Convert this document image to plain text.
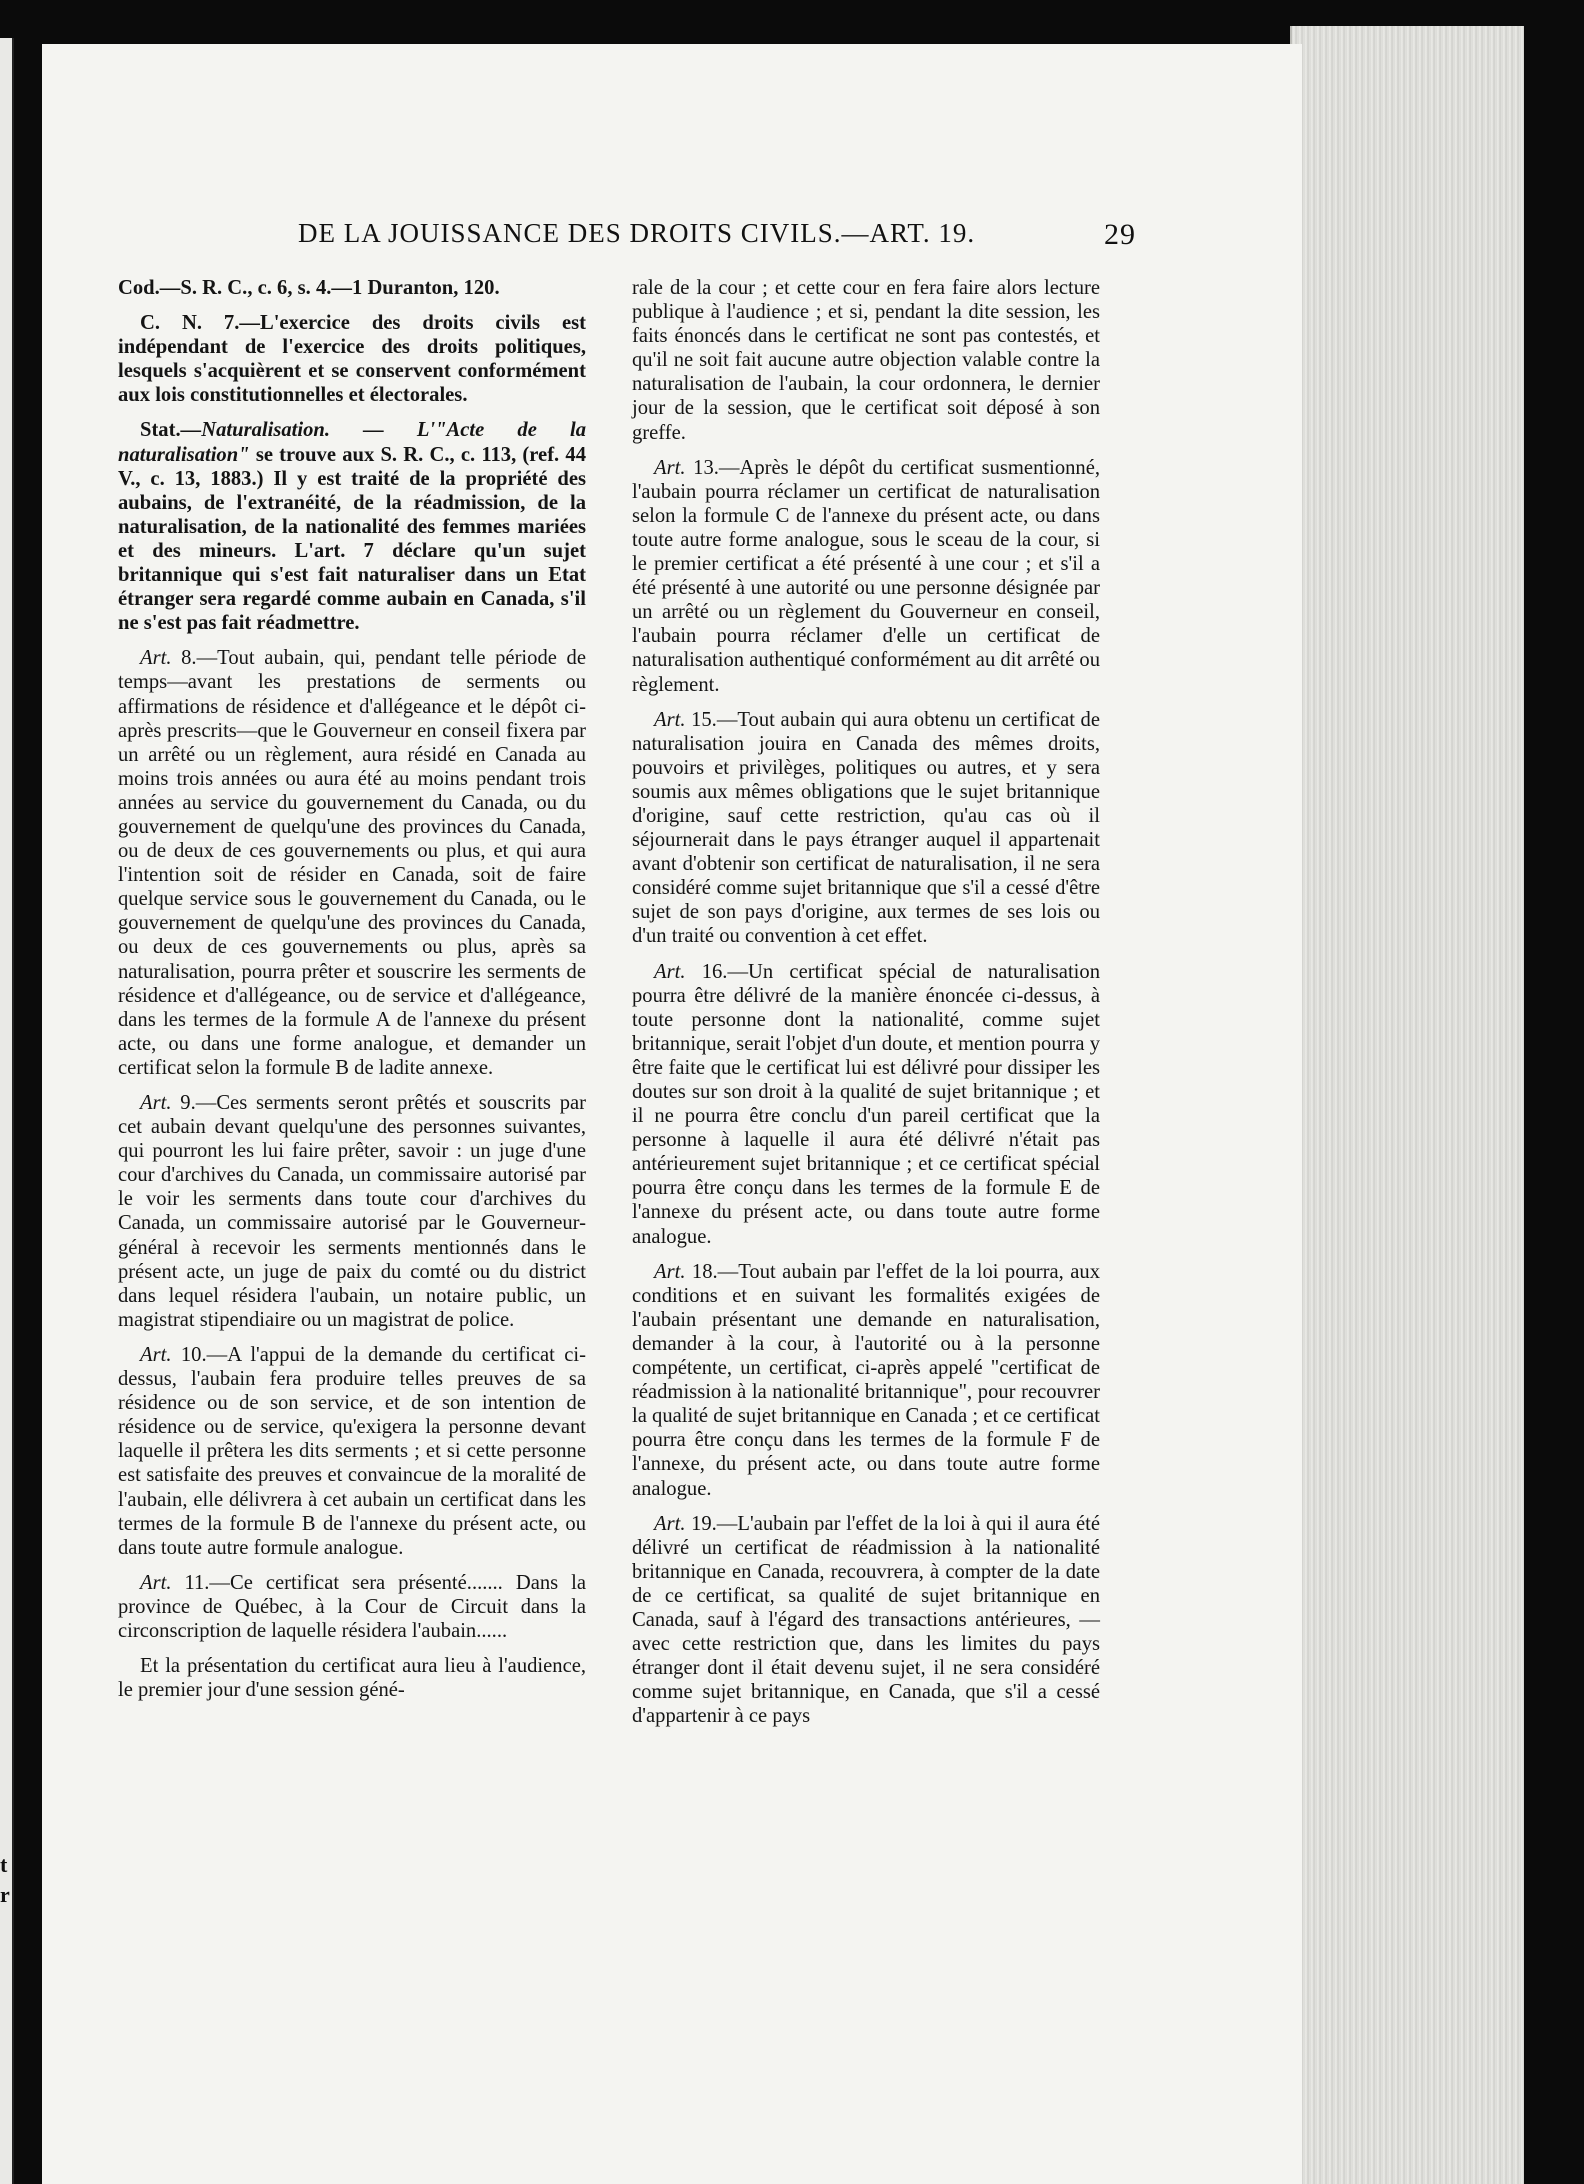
t
r
DE LA JOUISSANCE DES DROITS CIVILS.—ART. 19.	29

Cod.—S. R. C., c. 6, s. 4.—1 Duranton, 120.

C. N. 7.—L'exercice des droits civils est indépendant de l'exercice des droits politiques, lesquels s'acquièrent et se conservent conformément aux lois constitutionnelles et électorales.

Stat.—Naturalisation. — L'"Acte de la naturalisation" se trouve aux S. R. C., c. 113, (ref. 44 V., c. 13, 1883.) Il y est traité de la propriété des aubains, de l'extranéité, de la réadmission, de la naturalisation, de la nationalité des femmes mariées et des mineurs. L'art. 7 déclare qu'un sujet britannique qui s'est fait naturaliser dans un Etat étranger sera regardé comme aubain en Canada, s'il ne s'est pas fait réadmettre.

Art. 8.—Tout aubain, qui, pendant telle période de temps—avant les prestations de serments ou affirmations de résidence et d'allégeance et le dépôt ci-après prescrits—que le Gouverneur en conseil fixera par un arrêté ou un règlement, aura résidé en Canada au moins trois années ou aura été au moins pendant trois années au service du gouvernement du Canada, ou du gouvernement de quelqu'une des provinces du Canada, ou de deux de ces gouvernements ou plus, et qui aura l'intention soit de résider en Canada, soit de faire quelque service sous le gouvernement du Canada, ou le gouvernement de quelqu'une des provinces du Canada, ou deux de ces gouvernements ou plus, après sa naturalisation, pourra prêter et souscrire les serments de résidence et d'allégeance, ou de service et d'allégeance, dans les termes de la formule A de l'annexe du présent acte, ou dans une forme analogue, et demander un certificat selon la formule B de ladite annexe.

Art. 9.—Ces serments seront prêtés et souscrits par cet aubain devant quelqu'une des personnes suivantes, qui pourront les lui faire prêter, savoir : un juge d'une cour d'archives du Canada, un commissaire autorisé par le voir les serments dans toute cour d'archives du Canada, un commissaire autorisé par le Gouverneur-général à recevoir les serments mentionnés dans le présent acte, un juge de paix du comté ou du district dans lequel résidera l'aubain, un notaire public, un magistrat stipendiaire ou un magistrat de police.

Art. 10.—A l'appui de la demande du certificat ci-dessus, l'aubain fera produire telles preuves de sa résidence ou de son service, et de son intention de résidence ou de service, qu'exigera la personne devant laquelle il prêtera les dits serments ; et si cette personne est satisfaite des preuves et convaincue de la moralité de l'aubain, elle délivrera à cet aubain un certificat dans les termes de la formule B de l'annexe du présent acte, ou dans toute autre formule analogue.

Art. 11.—Ce certificat sera présenté....... Dans la province de Québec, à la Cour de Circuit dans la circonscription de laquelle résidera l'aubain......

Et la présentation du certificat aura lieu à l'audience, le premier jour d'une session géné-

rale de la cour ; et cette cour en fera faire alors lecture publique à l'audience ; et si, pendant la dite session, les faits énoncés dans le certificat ne sont pas contestés, et qu'il ne soit fait aucune autre objection valable contre la naturalisation de l'aubain, la cour ordonnera, le dernier jour de la session, que le certificat soit déposé à son greffe.

Art. 13.—Après le dépôt du certificat susmentionné, l'aubain pourra réclamer un certificat de naturalisation selon la formule C de l'annexe du présent acte, ou dans toute autre forme analogue, sous le sceau de la cour, si le premier certificat a été présenté à une cour ; et s'il a été présenté à une autorité ou une personne désignée par un arrêté ou un règlement du Gouverneur en conseil, l'aubain pourra réclamer d'elle un certificat de naturalisation authentiqué conformément au dit arrêté ou règlement.

Art. 15.—Tout aubain qui aura obtenu un certificat de naturalisation jouira en Canada des mêmes droits, pouvoirs et privilèges, politiques ou autres, et y sera soumis aux mêmes obligations que le sujet britannique d'origine, sauf cette restriction, qu'au cas où il séjournerait dans le pays étranger auquel il appartenait avant d'obtenir son certificat de naturalisation, il ne sera considéré comme sujet britannique que s'il a cessé d'être sujet de son pays d'origine, aux termes de ses lois ou d'un traité ou convention à cet effet.

Art. 16.—Un certificat spécial de naturalisation pourra être délivré de la manière énoncée ci-dessus, à toute personne dont la nationalité, comme sujet britannique, serait l'objet d'un doute, et mention pourra y être faite que le certificat lui est délivré pour dissiper les doutes sur son droit à la qualité de sujet britannique ; et il ne pourra être conclu d'un pareil certificat que la personne à laquelle il aura été délivré n'était pas antérieurement sujet britannique ; et ce certificat spécial pourra être conçu dans les termes de la formule E de l'annexe du présent acte, ou dans toute autre forme analogue.

Art. 18.—Tout aubain par l'effet de la loi pourra, aux conditions et en suivant les formalités exigées de l'aubain présentant une demande en naturalisation, demander à la cour, à l'autorité ou à la personne compétente, un certificat, ci-après appelé "certificat de réadmission à la nationalité britannique", pour recouvrer la qualité de sujet britannique en Canada ; et ce certificat pourra être conçu dans les termes de la formule F de l'annexe, du présent acte, ou dans toute autre forme analogue.

Art. 19.—L'aubain par l'effet de la loi à qui il aura été délivré un certificat de réadmission à la nationalité britannique en Canada, recouvrera, à compter de la date de ce certificat, sa qualité de sujet britannique en Canada, sauf à l'égard des transactions antérieures, — avec cette restriction que, dans les limites du pays étranger dont il était devenu sujet, il ne sera considéré comme sujet britannique, en Canada, que s'il a cessé d'appartenir à ce pays
